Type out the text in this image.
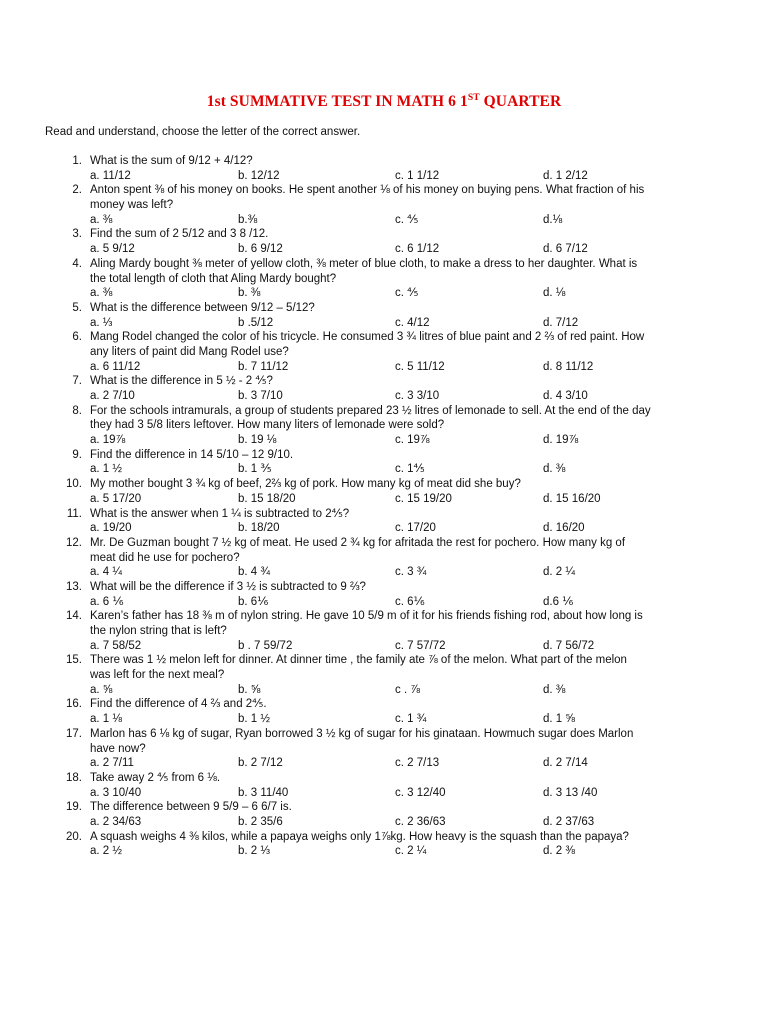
1st SUMMATIVE TEST IN MATH 6 1ST QUARTER
Read and understand, choose the letter of the correct answer.
1. What is the sum of 9/12 + 4/12?
a. 11/12	b. 12/12	c. 1 1/12	d. 1 2/12
2. Anton spent ⅜ of his money on books. He spent another ⅛ of his money on buying pens. What fraction of his
money was left?
a. ⅜	b.⅜	c. ⅘	d.⅛
3. Find the sum of 2 5/12 and 3 8 /12.
a. 5 9/12	b. 6 9/12	c. 6 1/12	d. 6 7/12
4. Aling Mardy bought ⅜ meter of yellow cloth, ⅜ meter of blue cloth, to make a dress to her daughter. What is
the total length of cloth that Aling Mardy bought?
a. ⅜	b. ⅜	c. ⅘	d. ⅛
5. What is the difference between 9/12 – 5/12?
a. ⅓	b .5/12	c. 4/12	d. 7/12
6. Mang Rodel changed the color of his tricycle. He consumed 3 ¾ litres of blue paint and 2 ⅔ of red paint. How
any liters of paint did Mang Rodel use?
a. 6 11/12	b. 7 11/12	c. 5 11/12	d. 8 11/12
7. What is the difference in 5 ½ - 2 ⅘?
a. 2 7/10	b. 3 7/10	c. 3 3/10	d. 4 3/10
8. For the schools intramurals, a group of students prepared 23 ½ litres of lemonade to sell. At the end of the day
they had 3 5/8 liters leftover. How many liters of lemonade were sold?
a. 19⅞	b. 19 ⅛	c. 19⅞	d. 19⅞
9. Find the difference in 14 5/10 – 12 9/10.
a. 1 ½	b. 1 ⅗	c. 1⅘	d. ⅜
10. My mother bought 3 ¾ kg of beef, 2⅔ kg of pork. How many kg of meat did she buy?
a. 5 17/20	b. 15 18/20	c. 15 19/20	d. 15 16/20
11. What is the answer when 1 ¼ is subtracted to 2⅘?
a. 19/20	b. 18/20	c. 17/20	d. 16/20
12. Mr. De Guzman bought 7 ½ kg of meat. He used 2 ¾ kg for afritada the rest for pochero. How many kg of
meat did he use for pochero?
a. 4 ¼	b. 4 ¾	c. 3 ¾	d. 2 ¼
13. What will be the difference if 3 ½ is subtracted to 9 ⅔?
a. 6 ⅙	b. 6⅙	c. 6⅙	d.6 ⅙
14. Karen’s father has 18 ⅜ m of nylon string. He gave 10 5/9 m of it for his friends fishing rod, about how long is
the nylon string that is left?
a. 7 58/52	b . 7 59/72	c. 7 57/72	d. 7 56/72
15. There was 1 ½ melon left for dinner. At dinner time , the family ate ⅞ of the melon. What part of the melon
was left for the next meal?
a. ⅝	b. ⅝	c . ⅞	d. ⅜
16. Find the difference of 4 ⅔ and 2⅘.
a. 1 ⅛	b. 1 ½	c. 1 ¾	d. 1 ⅝
17. Marlon has 6 ⅛ kg of sugar, Ryan borrowed 3 ½ kg of sugar for his ginataan. Howmuch sugar does Marlon
have now?
a. 2 7/11	b. 2 7/12	c. 2 7/13	d. 2 7/14
18. Take away 2 ⅘ from 6 ⅛.
a. 3 10/40	b. 3 11/40	c. 3 12/40	d. 3 13 /40
19. The difference between 9 5/9 – 6 6/7 is.
a. 2 34/63	b. 2 35/6	c. 2 36/63	d. 2 37/63
20. A squash weighs 4 ⅜ kilos, while a papaya weighs only 1⅞kg. How heavy is the squash than the papaya?
a. 2 ½	b. 2 ⅓	c. 2 ¼	d. 2 ⅜
